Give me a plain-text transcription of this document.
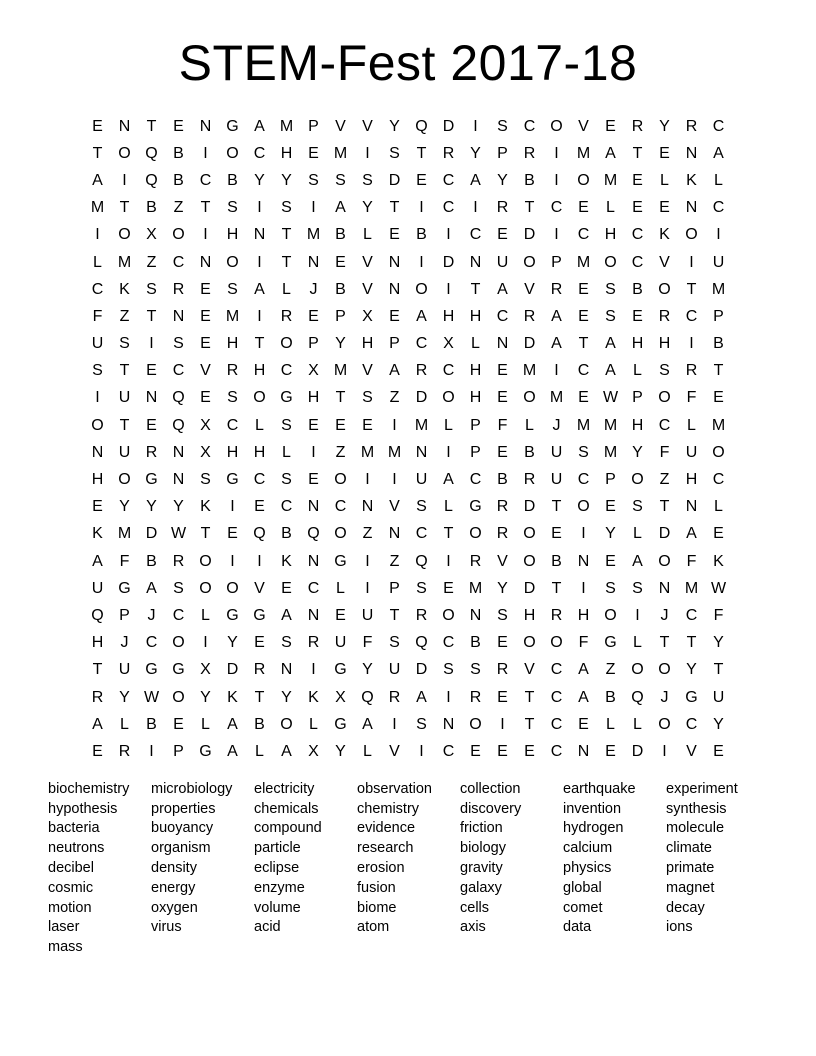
STEM-Fest 2017-18
E N	T	E N G A M P	V	V	Y Q D	I	S C O V	E R Y R C
T O Q B	I	O C H E M	I	S	T	R Y	P R	I	M A	T	E N A
A	I	Q B C B	Y	Y	S	S	S D E C A	Y	B	I	O M E	L	K	L
M T	B	Z	T	S	I	S	I	A	Y	T	I	C	I	R	T	C E	L	E	E N C
I	O X O	I	H N	T M B	L	E	B	I	C E D	I	C H C K O	I
L M Z	C N O	I	T	N E	V N	I	D N U O P M O C V	I	U
C K	S R E	S	A	L	J	B	V N O	I	T	A	V R E	S	B O T M
F	Z	T	N E M	I	R E	P	X	E	A H H C R A	E	S	E R C P
U S	I	S	E H	T O P	Y H P C X	L	N D A	T	A H H	I	B
S	T	E C V R H C X M V	A R C H E M	I	C A	L	S R	T
I	U N Q E	S O G H	T	S	Z	D O H E O M E W P O F	E
O T	E Q X C	L	S	E	E	E	I	M L	P	F	L	J	M M H C	L M
N U R N X H H	L	I	Z M M N	I	P	E	B U S M Y	F	U O
H O G N S G C S	E O	I	I	U A C B R U C P O Z	H C
E	Y	Y	Y	K	I	E C N C N V	S	L	G R D	T O E	S	T	N	L
K M D W T	E Q B Q O Z	N C	T O R O E	I	Y	L	D A	E
A	F	B R O	I	I	K N G	I	Z Q	I	R V O B N E	A O F	K
U G A	S O O V	E C	L	I	P	S	E M Y D	T	I	S	S N M W
Q P	J	C	L	G G A N E U	T	R O N S H R H O	I	J	C	F
H	J	C O	I	Y	E	S R U	F	S Q C B	E O O F G	L	T	T	Y
T	U G G X D R N	I	G Y U D S	S R V C A	Z O O Y	T
R Y W O Y	K	T	Y	K	X Q R A	I	R E	T	C A	B Q	J	G U
A	L	B	E	L	A	B O	L	G A	I	S N O	I	T	C E	L	L	O C Y
E R	I	P G A	L	A	X	Y	L	V	I	C E	E	E C N E D	I	V	E
biochemistry	microbiology	electricity	observation	collection	earthquake	experiment
hypothesis	properties	chemicals	chemistry	discovery	invention	synthesis
bacteria	buoyancy	compound	evidence	friction	hydrogen	molecule
neutrons	organism	particle	research	biology	calcium	climate
decibel	density	eclipse	erosion	gravity	physics	primate
cosmic	energy	enzyme	fusion	galaxy	global	magnet
motion	oxygen	volume	biome	cells	comet	decay
laser	virus	acid	atom	axis	data	ions
mass
